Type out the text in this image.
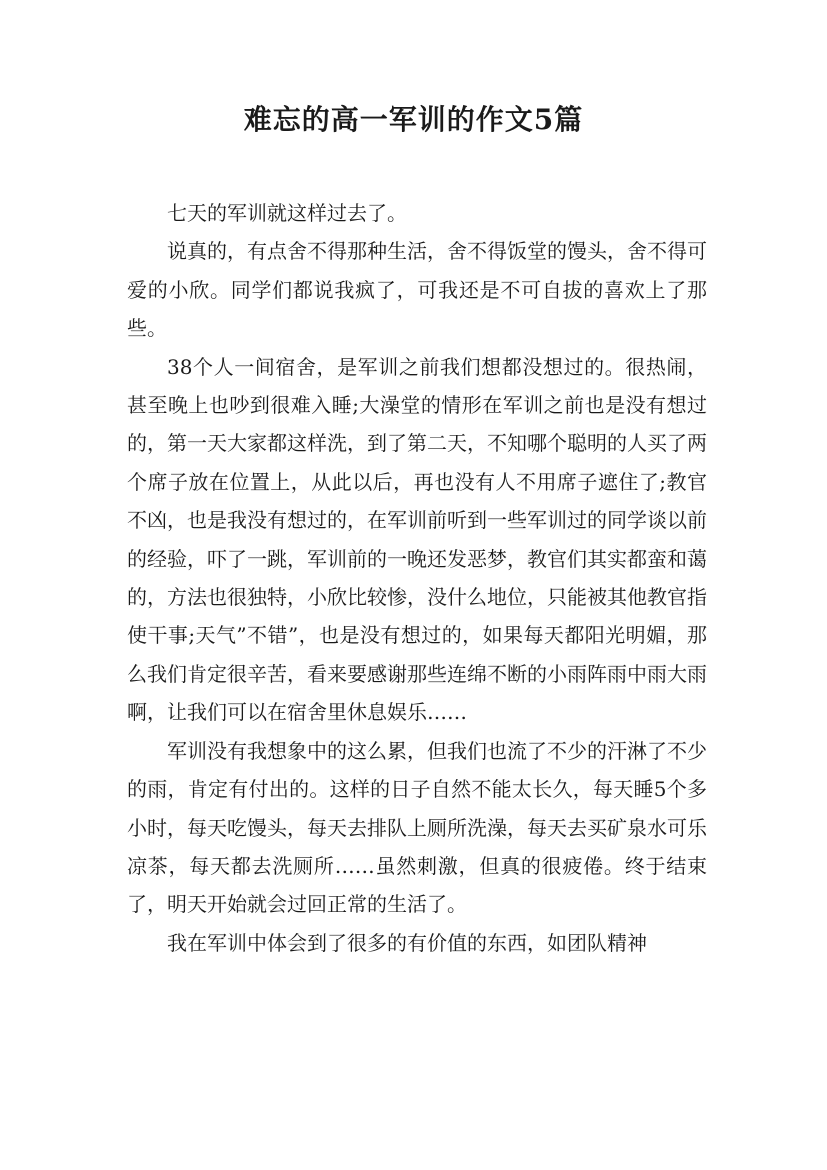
难忘的高一军训的作文5篇

七天的军训就这样过去了。

说真的，有点舍不得那种生活，舍不得饭堂的馒头，舍不得可爱的小欣。同学们都说我疯了，可我还是不可自拔的喜欢上了那些。

38个人一间宿舍，是军训之前我们想都没想过的。很热闹，甚至晚上也吵到很难入睡;大澡堂的情形在军训之前也是没有想过的，第一天大家都这样洗，到了第二天，不知哪个聪明的人买了两个席子放在位置上，从此以后，再也没有人不用席子遮住了;教官不凶，也是我没有想过的，在军训前听到一些军训过的同学谈以前的经验，吓了一跳，军训前的一晚还发恶梦，教官们其实都蛮和蔼的，方法也很独特，小欣比较惨，没什么地位，只能被其他教官指使干事;天气”不错”，也是没有想过的，如果每天都阳光明媚，那么我们肯定很辛苦，看来要感谢那些连绵不断的小雨阵雨中雨大雨啊，让我们可以在宿舍里休息娱乐……

军训没有我想象中的这么累，但我们也流了不少的汗淋了不少的雨，肯定有付出的。这样的日子自然不能太长久，每天睡5个多小时，每天吃馒头，每天去排队上厕所洗澡，每天去买矿泉水可乐凉茶，每天都去洗厕所……虽然刺激，但真的很疲倦。终于结束了，明天开始就会过回正常的生活了。

我在军训中体会到了很多的有价值的东西，如团队精神
